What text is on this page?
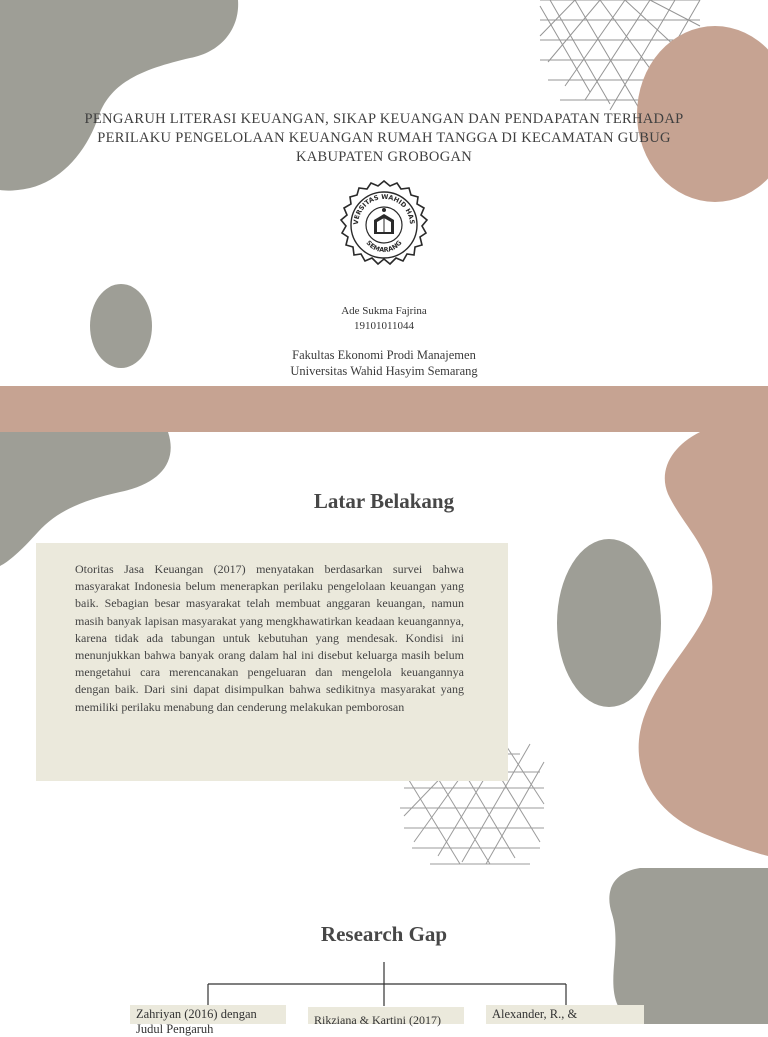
PENGARUH LITERASI KEUANGAN, SIKAP KEUANGAN DAN PENDAPATAN TERHADAP PERILAKU PENGELOLAAN KEUANGAN RUMAH TANGGA DI KECAMATAN GUBUG KABUPATEN GROBOGAN
VERSITAS WAHID HAS
SEMARANG
Ade Sukma Fajrina
19101011044
Fakultas Ekonomi Prodi Manajemen
Universitas Wahid Hasyim Semarang
Latar Belakang
Otoritas Jasa Keuangan (2017) menyatakan berdasarkan survei bahwa masyarakat Indonesia belum menerapkan perilaku pengelolaan keuangan yang baik. Sebagian besar masyarakat telah membuat anggaran keuangan, namun masih banyak lapisan masyarakat yang mengkhawatirkan keadaan keuangannya, karena tidak ada tabungan untuk kebutuhan yang mendesak. Kondisi ini menunjukkan bahwa banyak orang dalam hal ini disebut keluarga masih belum mengetahui cara merencanakan pengeluaran dan mengelola keuangannya dengan baik. Dari sini dapat disimpulkan bahwa sedikitnya masyarakat yang memiliki perilaku menabung dan cenderung melakukan pemborosan
Research Gap
Zahriyan (2016) dengan Judul Pengaruh
Rikziana & Kartini (2017)	Alexander, R., &
